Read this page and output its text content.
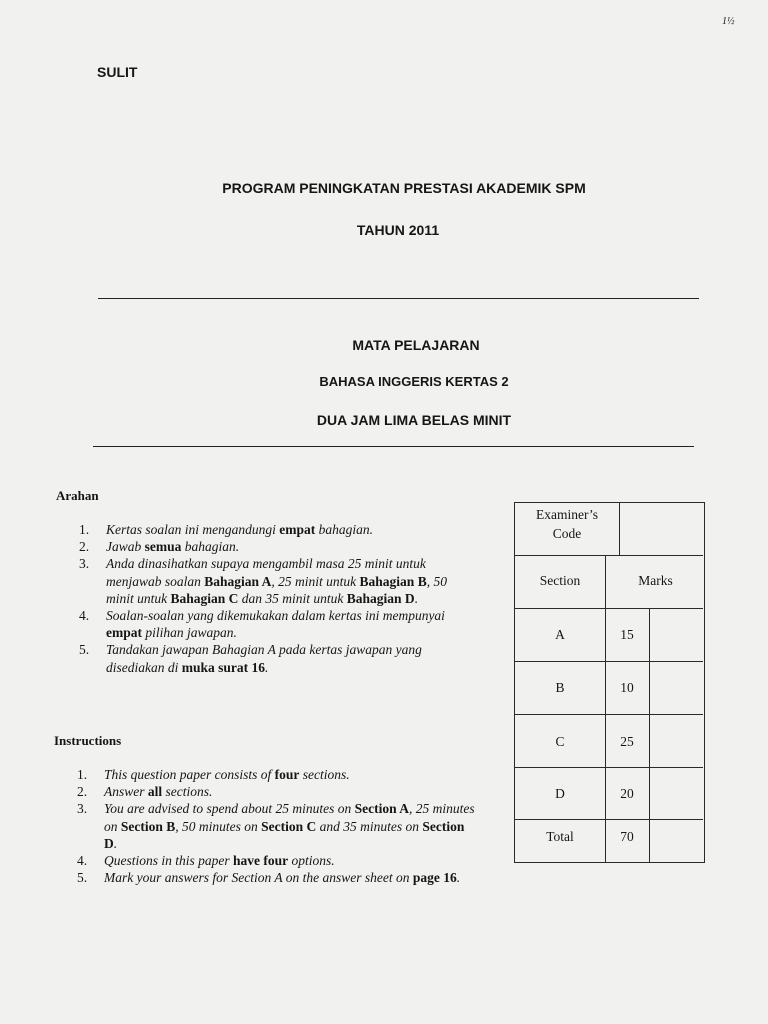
1½
SULIT
PROGRAM PENINGKATAN PRESTASI AKADEMIK SPM
TAHUN 2011
MATA PELAJARAN
BAHASA INGGERIS KERTAS 2
DUA JAM LIMA BELAS MINIT
Arahan
1. Kertas soalan ini mengandungi empat bahagian.
2. Jawab semua bahagian.
3. Anda dinasihatkan supaya mengambil masa 25 minit untuk menjawab soalan Bahagian A, 25 minit untuk Bahagian B, 50 minit untuk Bahagian C dan 35 minit untuk Bahagian D.
4. Soalan-soalan yang dikemukakan dalam kertas ini mempunyai empat pilihan jawapan.
5. Tandakan jawapan Bahagian A pada kertas jawapan yang disediakan di muka surat 16.
Instructions
1. This question paper consists of four sections.
2. Answer all sections.
3. You are advised to spend about 25 minutes on Section A, 25 minutes on Section B, 50 minutes on Section C and 35 minutes on Section D.
4. Questions in this paper have four options.
5. Mark your answers for Section A on the answer sheet on page 16.
Examiner’s
Code
Section	Marks
A	15
B	10
C	25
D	20
Total	70
